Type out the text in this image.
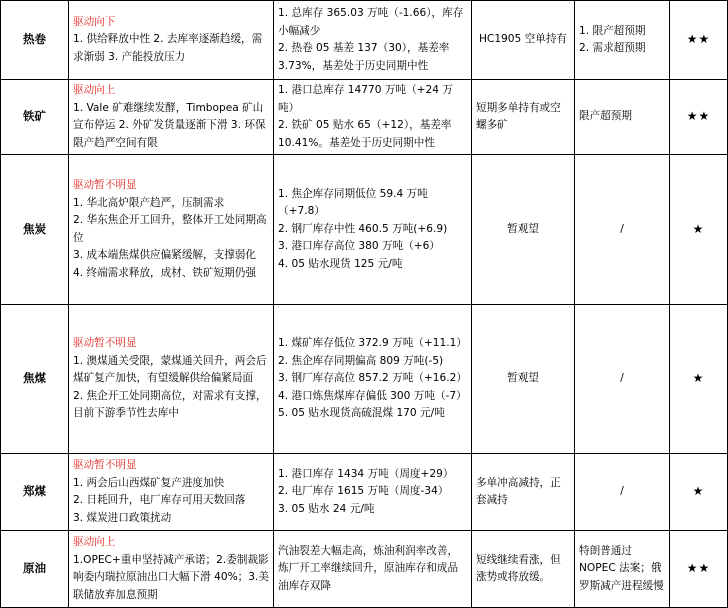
热卷	驱动向下
1. 供给释放中性 2. 去库率逐渐趋缓，需求渐弱 3. 产能投放压力	1. 总库存 365.03 万吨（-1.66），库存小幅减少
2. 热卷 05 基差 137（30），基差率 3.73%，基差处于历史同期中性	HC1905 空单持有	1. 限产超预期
2. 需求超预期	★★
铁矿	驱动向上
1. Vale 矿难继续发酵，Timbopea 矿山宣布停运 2. 外矿发货量逐渐下滑 3. 环保限产趋严空间有限	1. 港口总库存 14770 万吨（+24 万吨）
2. 铁矿 05 贴水 65（+12），基差率 10.41%。基差处于历史同期中性	短期多单持有或空螺多矿	限产超预期	★★
焦炭	驱动暂不明显
1. 华北高炉限产趋严，压制需求
2. 华东焦企开工回升，整体开工处同期高位
3. 成本端焦煤供应偏紧缓解，支撑弱化
4. 终端需求释放，成材、铁矿短期仍强	1. 焦企库存同期低位 59.4 万吨（+7.8）
2. 钢厂库存中性 460.5 万吨(+6.9)
3. 港口库存高位 380 万吨（+6）
4. 05 贴水现货 125 元/吨	暂观望	/	★
焦煤	驱动暂不明显
1. 澳煤通关受限，蒙煤通关回升，两会后煤矿复产加快，有望缓解供给偏紧局面
2. 焦企开工处同期高位，对需求有支撑，目前下游季节性去库中	1. 煤矿库存低位 372.9 万吨（+11.1）
2. 焦企库存同期偏高 809 万吨(-5)
3. 钢厂库存高位 857.2 万吨（+16.2）
4. 港口炼焦煤库存偏低 300 万吨（-7）
5. 05 贴水现货高硫混煤 170 元/吨	暂观望	/	★
郑煤	驱动暂不明显
1. 两会后山西煤矿复产进度加快
2. 日耗回升，电厂库存可用天数回落
3. 煤炭进口政策扰动	1. 港口库存 1434 万吨（周度+29）
2. 电厂库存 1615 万吨（周度-34）
3. 05 贴水 24 元/吨	多单冲高减持，正套减持	/	★
原油	驱动向上
1.OPEC+重申坚持减产承诺；2.委制裁影响委内瑞拉原油出口大幅下滑 40%；3.美联储放弃加息预期	汽油裂差大幅走高，炼油利润率改善，炼厂开工率继续回升，原油库存和成品油库存双降	短线继续看涨，但涨势或将放缓。	特朗普通过 NOPEC 法案；俄罗斯减产进程缓慢	★★
